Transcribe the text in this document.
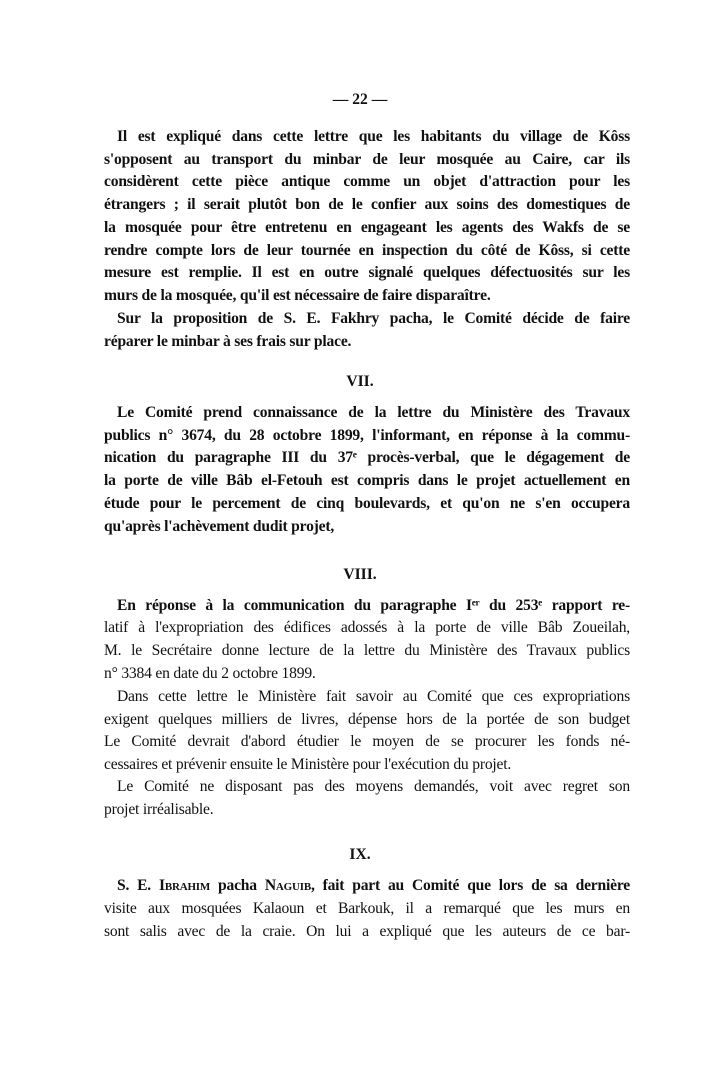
— 22 —
Il est expliqué dans cette lettre que les habitants du village de Kôss
s'opposent au transport du minbar de leur mosquée au Caire, car ils
considèrent cette pièce antique comme un objet d'attraction pour les
étrangers ; il serait plutôt bon de le confier aux soins des domestiques de
la mosquée pour être entretenu en engageant les agents des Wakfs de se
rendre compte lors de leur tournée en inspection du côté de Kôss, si cette
mesure est remplie. Il est en outre signalé quelques défectuosités sur les
murs de la mosquée, qu'il est nécessaire de faire disparaître.
Sur la proposition de S. E. Fakhry pacha, le Comité décide de faire
réparer le minbar à ses frais sur place.
VII.
Le Comité prend connaissance de la lettre du Ministère des Travaux
publics n° 3674, du 28 octobre 1899, l'informant, en réponse à la commu-
nication du paragraphe III du 37ᵉ procès-verbal, que le dégagement de
la porte de ville Bâb el-Fetouh est compris dans le projet actuellement en
étude pour le percement de cinq boulevards, et qu'on ne s'en occupera
qu'après l'achèvement dudit projet,
VIII.
En réponse à la communication du paragraphe Iᵉʳ du 253ᵉ rapport re-
latif à l'expropriation des édifices adossés à la porte de ville Bâb Zoueilah,
M. le Secrétaire donne lecture de la lettre du Ministère des Travaux publics
n° 3384 en date du 2 octobre 1899.
Dans cette lettre le Ministère fait savoir au Comité que ces expropriations
exigent quelques milliers de livres, dépense hors de la portée de son budget
Le Comité devrait d'abord étudier le moyen de se procurer les fonds né-
cessaires et prévenir ensuite le Ministère pour l'exécution du projet.
Le Comité ne disposant pas des moyens demandés, voit avec regret son
projet irréalisable.
IX.
S. E. Ibrahim pacha Naguib, fait part au Comité que lors de sa dernière
visite aux mosquées Kalaoun et Barkouk, il a remarqué que les murs en
sont salis avec de la craie. On lui a expliqué que les auteurs de ce bar-
